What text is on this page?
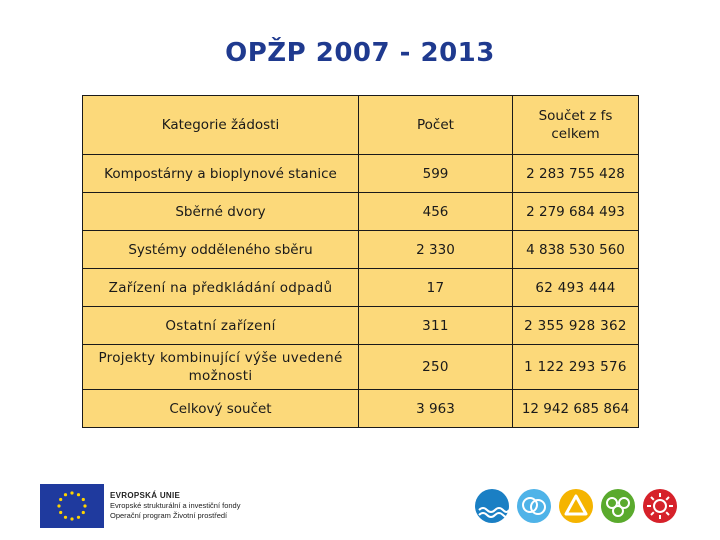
OPŽP 2007 - 2013
Kategorie žádosti	Počet	Součet z fs celkem
Kompostárny a bioplynové stanice	599	2 283 755 428
Sběrné dvory	456	2 279 684 493
Systémy odděleného sběru	2 330	4 838 530 560
Zařízení na předkládání odpadů	17	62 493 444
Ostatní zařízení	311	2 355 928 362
Projekty kombinující výše uvedené možnosti	250	1 122 293 576
Celkový součet	3 963	12 942 685 864
EVROPSKÁ UNIE
Evropské strukturální a investiční fondy
Operační program Životní prostředí
